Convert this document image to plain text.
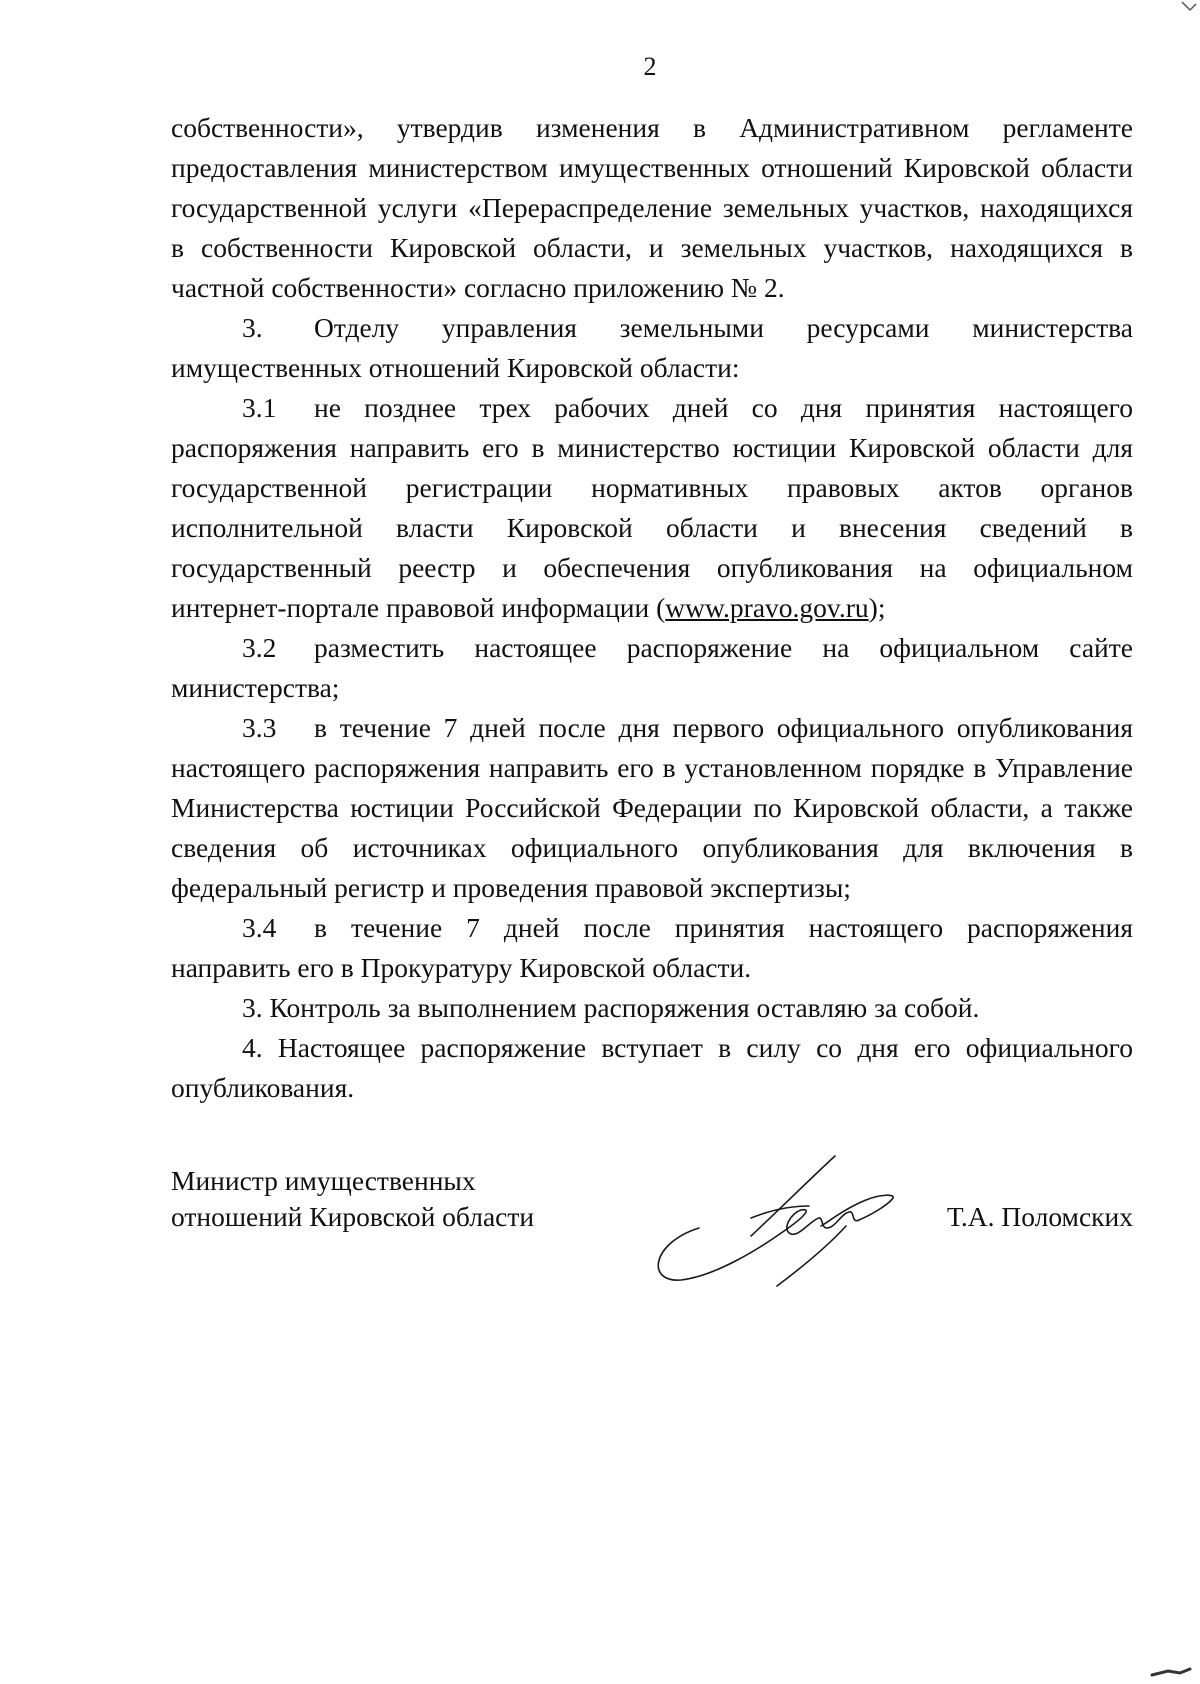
2

собственности», утвердив изменения в Административном регламенте предоставления министерством имущественных отношений Кировской области государственной услуги «Перераспределение земельных участков, находящихся в собственности Кировской области, и земельных участков, находящихся в частной собственности» согласно приложению № 2.

3. Отделу управления земельными ресурсами министерства имущественных отношений Кировской области:

3.1 не позднее трех рабочих дней со дня принятия настоящего распоряжения направить его в министерство юстиции Кировской области для государственной регистрации нормативных правовых актов органов исполнительной власти Кировской области и внесения сведений в государственный реестр и обеспечения опубликования на официальном интернет-портале правовой информации (www.pravo.gov.ru);

3.2 разместить настоящее распоряжение на официальном сайте министерства;

3.3 в течение 7 дней после дня первого официального опубликования настоящего распоряжения направить его в установленном порядке в Управление Министерства юстиции Российской Федерации по Кировской области, а также сведения об источниках официального опубликования для включения в федеральный регистр и проведения правовой экспертизы;

3.4 в течение 7 дней после принятия настоящего распоряжения направить его в Прокуратуру Кировской области.

3. Контроль за выполнением распоряжения оставляю за собой.

4. Настоящее распоряжение вступает в силу со дня его официального опубликования.

Министр имущественных
отношений Кировской области	Т.А. Поломских
